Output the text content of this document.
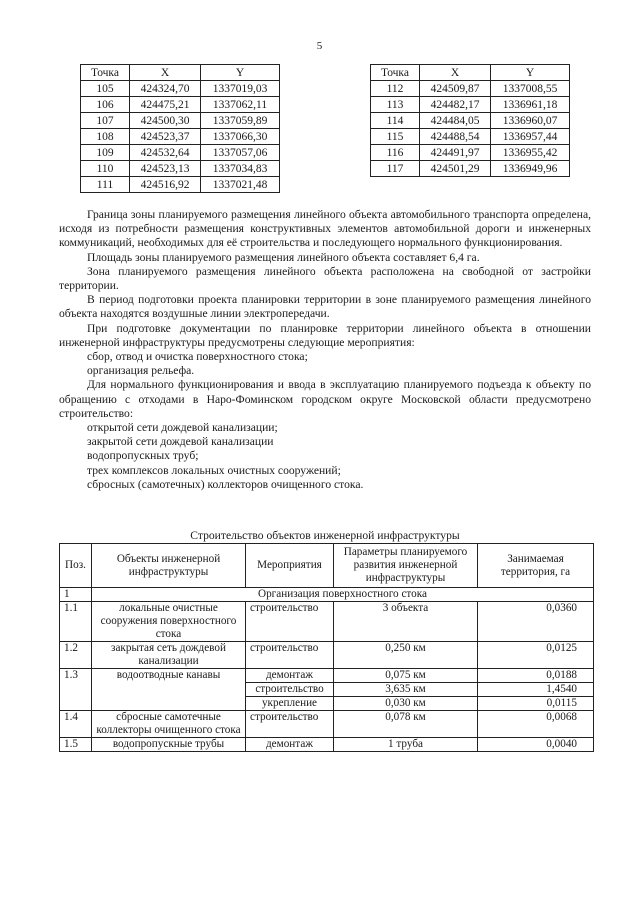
5
Точка	X	Y
105	424324,70	1337019,03
106	424475,21	1337062,11
107	424500,30	1337059,89
108	424523,37	1337066,30
109	424532,64	1337057,06
110	424523,13	1337034,83
111	424516,92	1337021,48
Точка	X	Y
112	424509,87	1337008,55
113	424482,17	1336961,18
114	424484,05	1336960,07
115	424488,54	1336957,44
116	424491,97	1336955,42
117	424501,29	1336949,96

Граница зоны планируемого размещения линейного объекта автомобильного транспорта определена, исходя из потребности размещения конструктивных элементов автомобильной дороги и инженерных коммуникаций, необходимых для её строительства и последующего нормального функционирования.

Площадь зоны планируемого размещения линейного объекта составляет 6,4 га.

Зона планируемого размещения линейного объекта расположена на свободной от застройки территории.

В период подготовки проекта планировки территории в зоне планируемого размещения линейного объекта находятся воздушные линии электропередачи.

При подготовке документации по планировке территории линейного объекта в отношении инженерной инфраструктуры предусмотрены следующие мероприятия:

сбор, отвод и очистка поверхностного стока;

организация рельефа.

Для нормального функционирования и ввода в эксплуатацию планируемого подъезда к объекту по обращению с отходами в Наро-Фоминском городском округе Московской области предусмотрено строительство:

открытой сети дождевой канализации;

закрытой сети дождевой канализации

водопропускных труб;

трех комплексов локальных очистных сооружений;

сбросных (самотечных) коллекторов очищенного стока.

Строительство объектов инженерной инфраструктуры
Поз.	Объекты инженерной инфраструктуры	Мероприятия	Параметры планируемого развития инженерной инфраструктуры	Занимаемая территория, га
1	Организация поверхностного стока			
1.1	локальные очистные сооружения поверхностного стока	строительство	3 объекта	0,0360
1.2	закрытая сеть дождевой канализации	строительство	0,250 км	0,0125
1.3	водоотводные канавы	демонтаж	0,075 км	0,0188
		строительство	3,635 км	1,4540
		укрепление	0,030 км	0,0115
1.4	сбросные самотечные коллекторы очищенного стока	строительство	0,078 км	0,0068
1.5	водопропускные трубы	демонтаж	1 труба	0,0040
